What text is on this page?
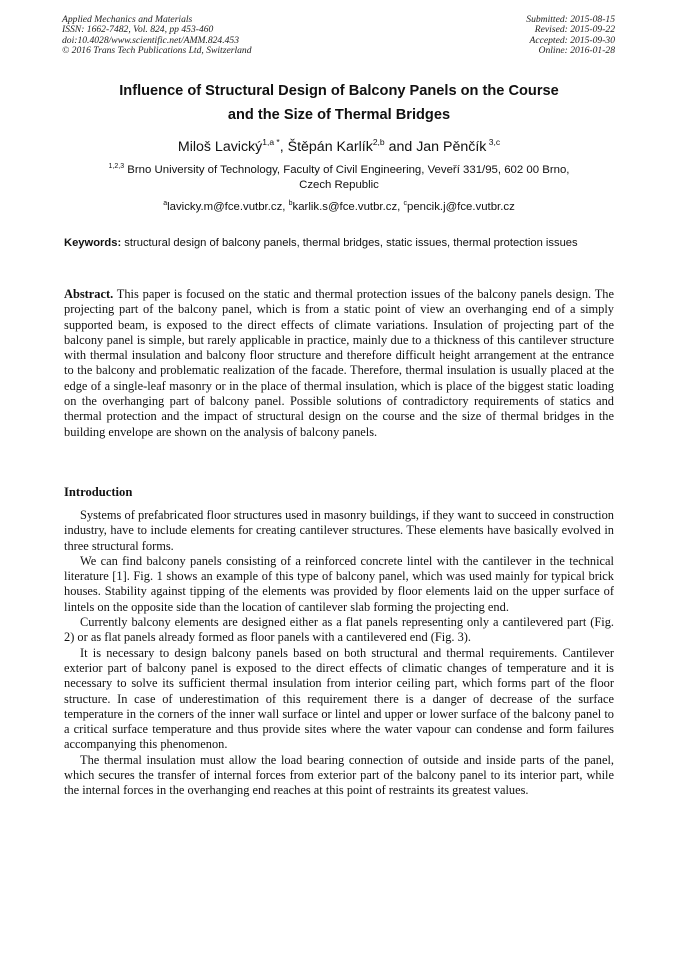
Applied Mechanics and Materials
ISSN: 1662-7482, Vol. 824, pp 453-460
doi:10.4028/www.scientific.net/AMM.824.453
© 2016 Trans Tech Publications Ltd, Switzerland
Submitted: 2015-08-15
Revised: 2015-09-22
Accepted: 2015-09-30
Online: 2016-01-28
Influence of Structural Design of Balcony Panels on the Course
and the Size of Thermal Bridges
Miloš Lavický$^{1,a *}$, Štěpán Karlík$^{2,b}$ and Jan Pěnčík $^{3,c}$
$^{1,2,3}$ Brno University of Technology, Faculty of Civil Engineering, Veveří 331/95, 602 00 Brno,
Czech Republic
$^a$lavicky.m@fce.vutbr.cz, $^b$karlik.s@fce.vutbr.cz, $^c$pencik.j@fce.vutbr.cz
Keywords: structural design of balcony panels, thermal bridges, static issues, thermal protection issues
Abstract. This paper is focused on the static and thermal protection issues of the balcony panels design. The projecting part of the balcony panel, which is from a static point of view an overhanging end of a simply supported beam, is exposed to the direct effects of climate variations. Insulation of projecting part of the balcony panel is simple, but rarely applicable in practice, mainly due to a thickness of this cantilever structure with thermal insulation and balcony floor structure and therefore difficult height arrangement at the entrance to the balcony and problematic realization of the facade. Therefore, thermal insulation is usually placed at the edge of a single-leaf masonry or in the place of thermal insulation, which is place of the biggest static loading on the overhanging part of balcony panel. Possible solutions of contradictory requirements of statics and thermal protection and the impact of structural design on the course and the size of thermal bridges in the building envelope are shown on the analysis of balcony panels.
Introduction

Systems of prefabricated floor structures used in masonry buildings, if they want to succeed in construction industry, have to include elements for creating cantilever structures. These elements have basically evolved in three structural forms.

We can find balcony panels consisting of a reinforced concrete lintel with the cantilever in the technical literature [1]. Fig. 1 shows an example of this type of balcony panel, which was used mainly for typical brick houses. Stability against tipping of the elements was provided by floor elements laid on the upper surface of lintels on the opposite side than the location of cantilever slab forming the projecting end.

Currently balcony elements are designed either as a flat panels representing only a cantilevered part (Fig. 2) or as flat panels already formed as floor panels with a cantilevered end (Fig. 3).

It is necessary to design balcony panels based on both structural and thermal requirements. Cantilever exterior part of balcony panel is exposed to the direct effects of climatic changes of temperature and it is necessary to solve its sufficient thermal insulation from interior ceiling part, which forms part of the floor structure. In case of underestimation of this requirement there is a danger of decrease of the surface temperature in the corners of the inner wall surface or lintel and upper or lower surface of the balcony panel to a critical surface temperature and thus provide sites where the water vapour can condense and form failures accompanying this phenomenon.

The thermal insulation must allow the load bearing connection of outside and inside parts of the panel, which secures the transfer of internal forces from exterior part of the balcony panel to its interior part, while the internal forces in the overhanging end reaches at this point of restraints its greatest values.
